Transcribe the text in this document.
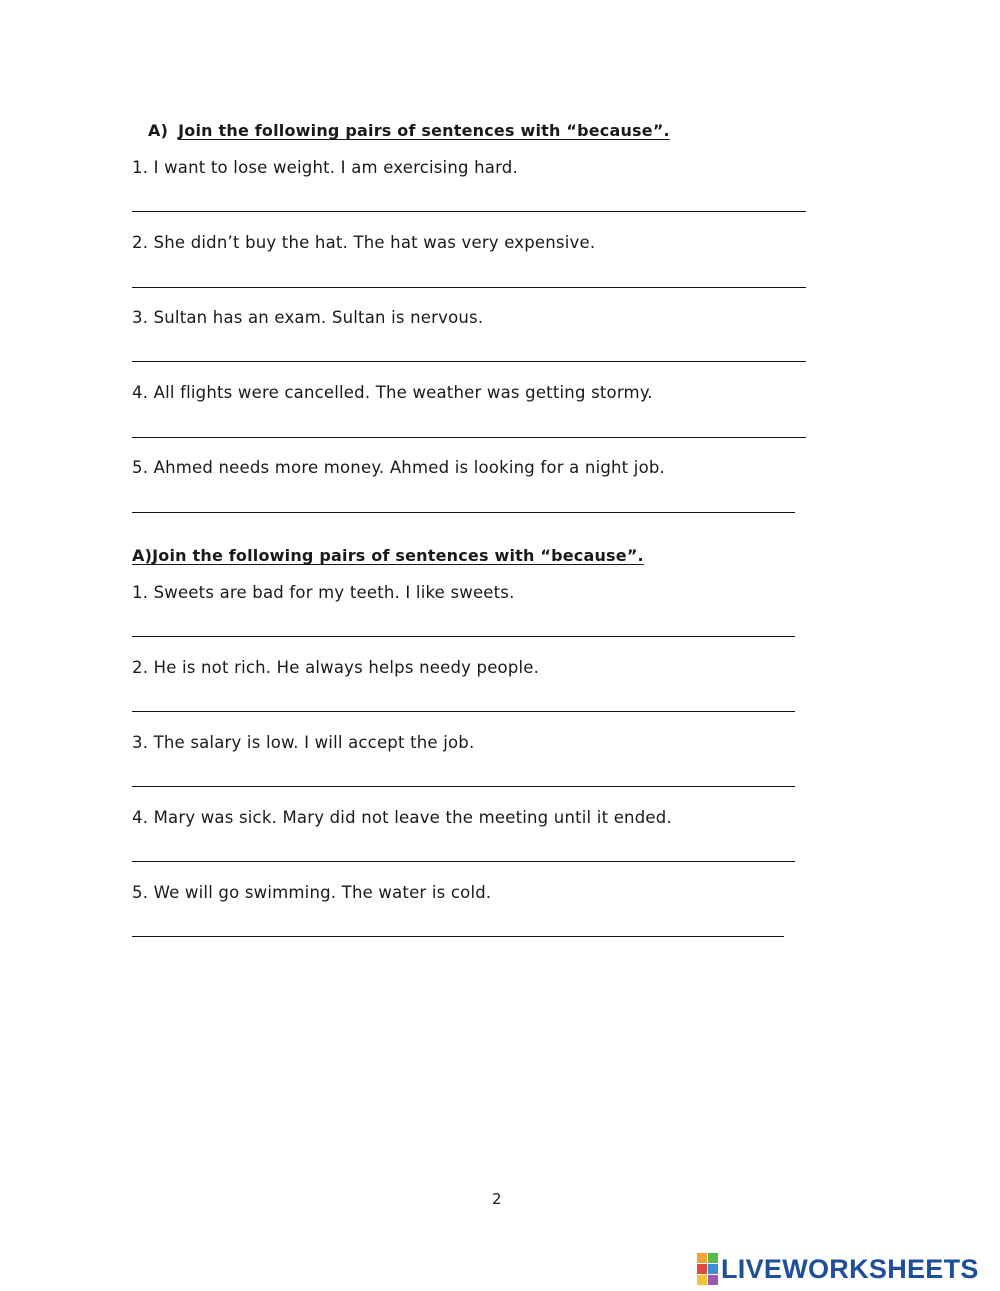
A) Join the following pairs of sentences with “because”.
1. I want to lose weight. I am exercising hard.
2. She didn’t buy the hat. The hat was very expensive.
3. Sultan has an exam. Sultan is nervous.
4. All flights were cancelled. The weather was getting stormy.
5. Ahmed needs more money. Ahmed is looking for a night job.
A)Join the following pairs of sentences with “because”.
1. Sweets are bad for my teeth. I like sweets.
2. He is not rich. He always helps needy people.
3. The salary is low. I will accept the job.
4. Mary was sick. Mary did not leave the meeting until it ended.
5. We will go swimming. The water is cold.
2
LIVEWORKSHEETS
